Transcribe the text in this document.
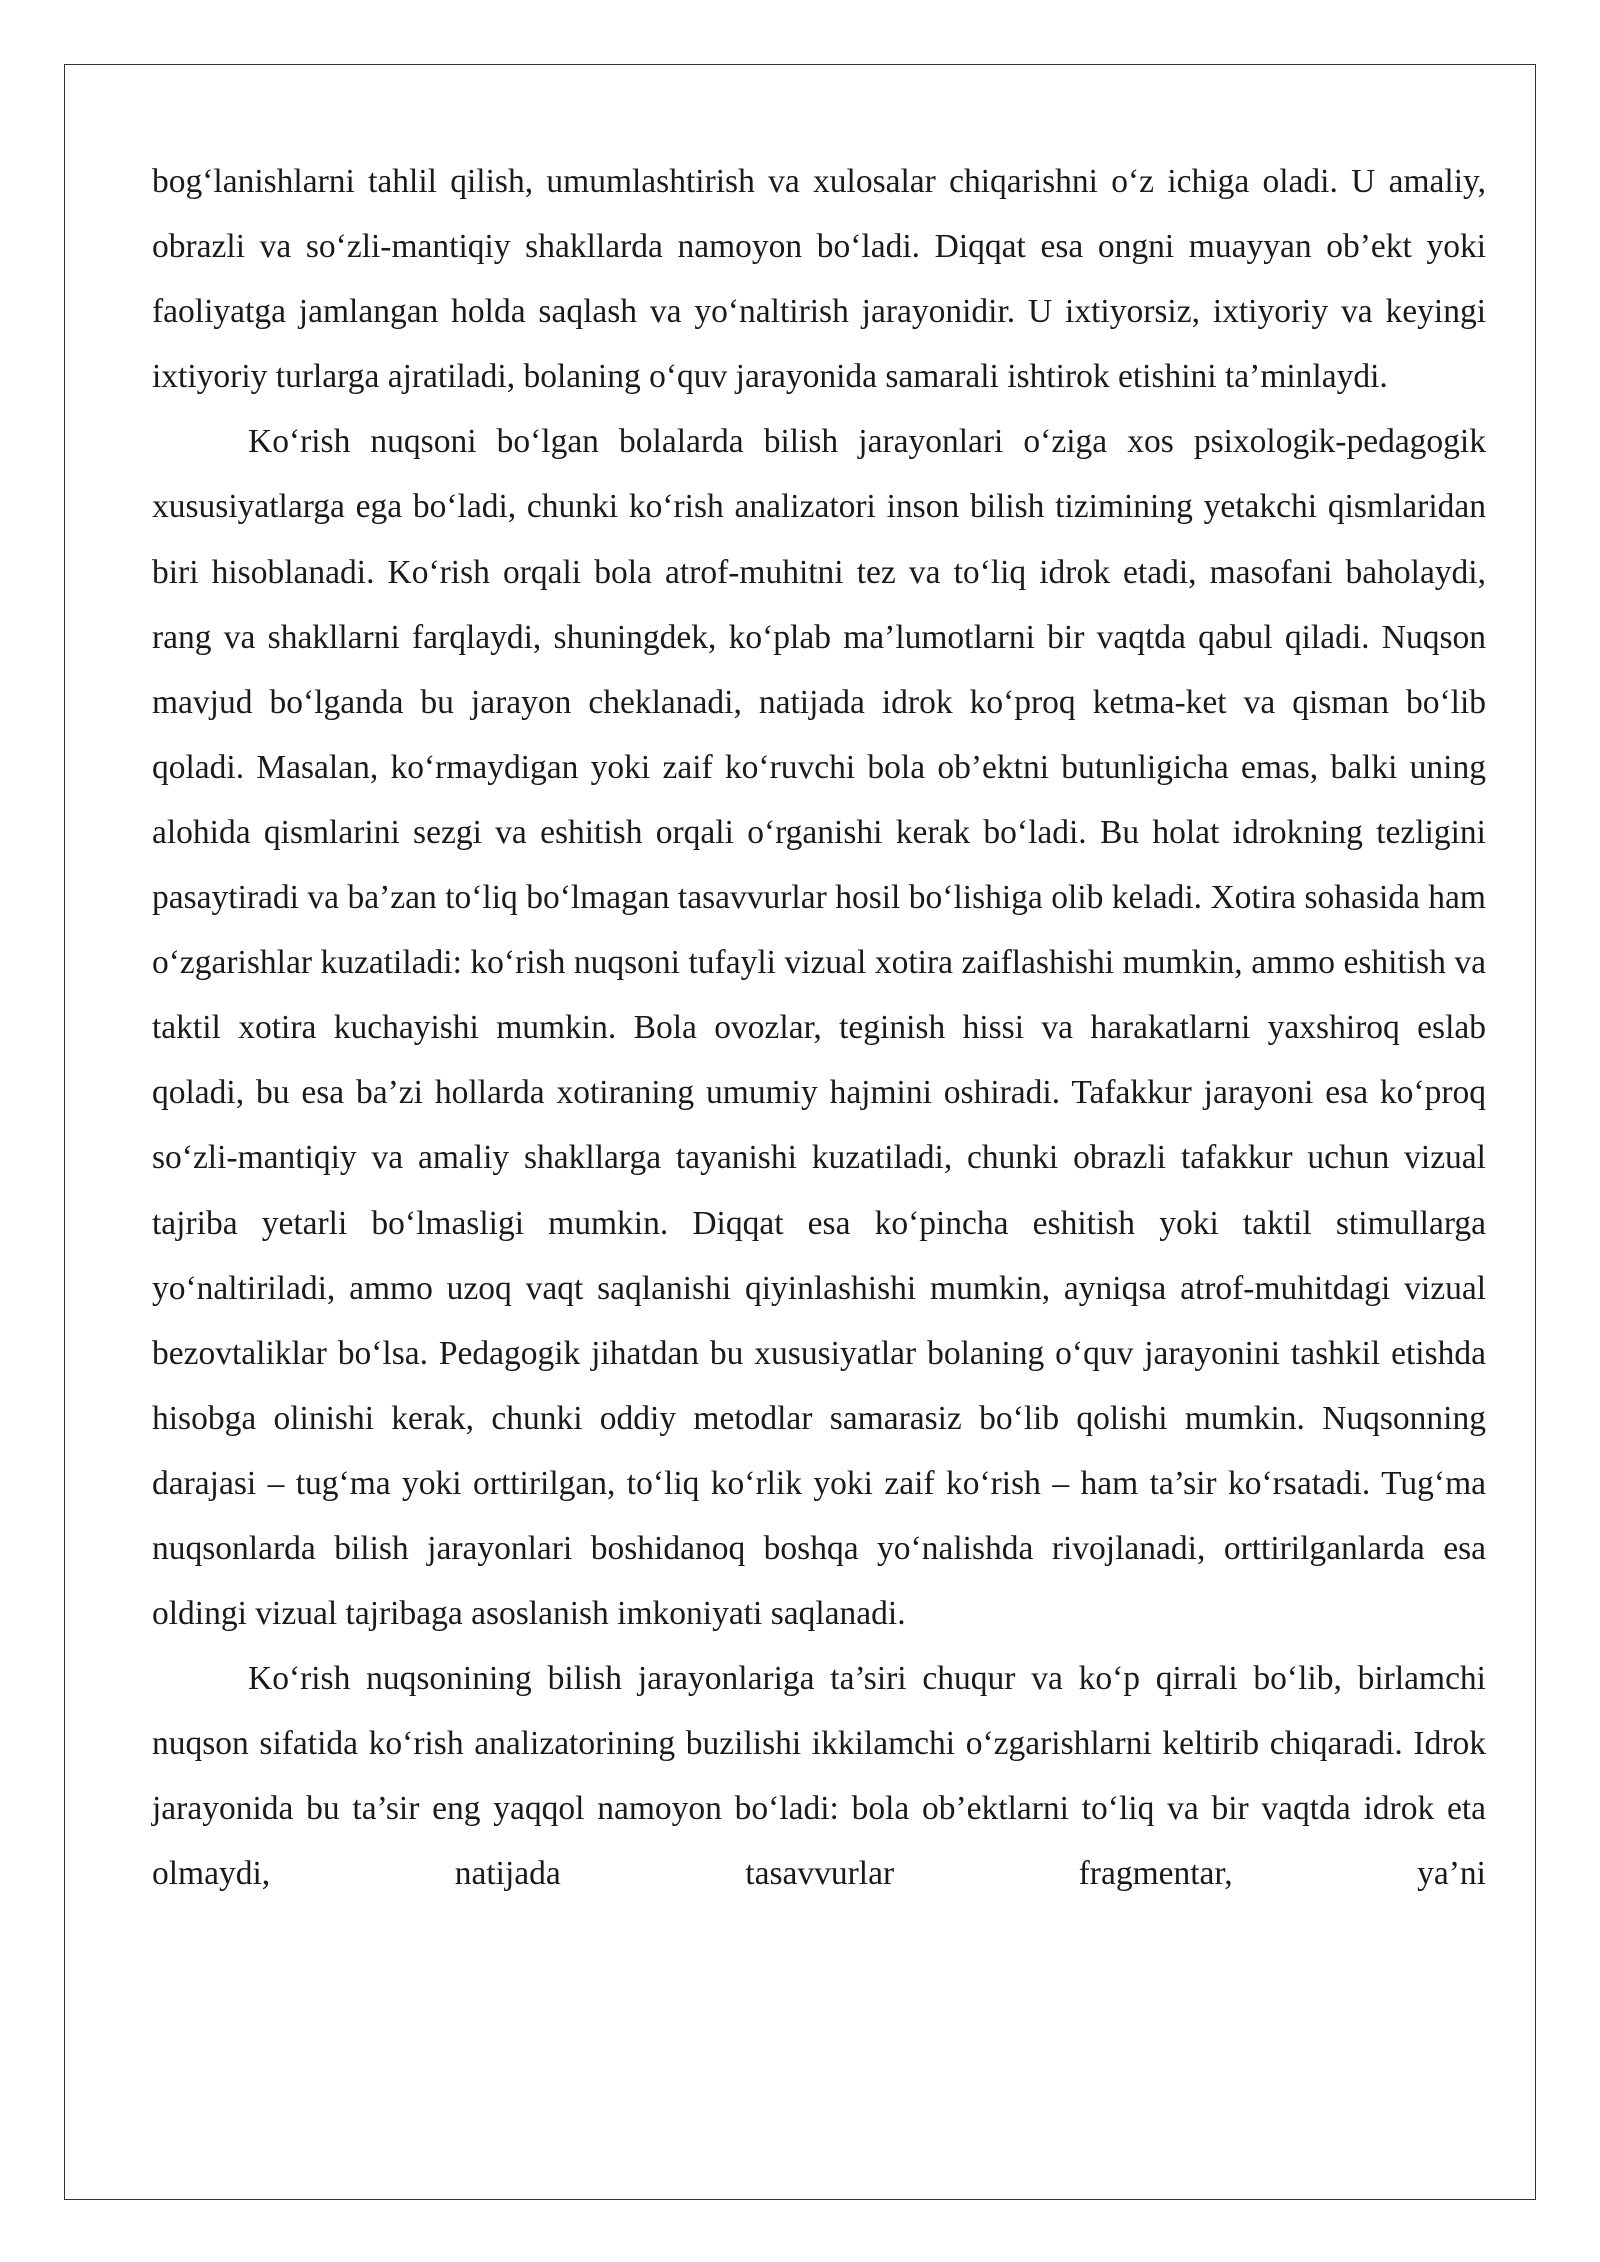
bog‘lanishlarni tahlil qilish, umumlashtirish va xulosalar chiqarishni o‘z ichiga oladi. U amaliy, obrazli va so‘zli-mantiqiy shakllarda namoyon bo‘ladi. Diqqat esa ongni muayyan ob’ekt yoki faoliyatga jamlangan holda saqlash va yo‘naltirish jarayonidir. U ixtiyorsiz, ixtiyoriy va keyingi ixtiyoriy turlarga ajratiladi, bolaning o‘quv jarayonida samarali ishtirok etishini ta’minlaydi.

Ko‘rish nuqsoni bo‘lgan bolalarda bilish jarayonlari o‘ziga xos psixologik-pedagogik xususiyatlarga ega bo‘ladi, chunki ko‘rish analizatori inson bilish tizimining yetakchi qismlaridan biri hisoblanadi. Ko‘rish orqali bola atrof-muhitni tez va to‘liq idrok etadi, masofani baholaydi, rang va shakllarni farqlaydi, shuningdek, ko‘plab ma’lumotlarni bir vaqtda qabul qiladi. Nuqson mavjud bo‘lganda bu jarayon cheklanadi, natijada idrok ko‘proq ketma-ket va qisman bo‘lib qoladi. Masalan, ko‘rmaydigan yoki zaif ko‘ruvchi bola ob’ektni butunligicha emas, balki uning alohida qismlarini sezgi va eshitish orqali o‘rganishi kerak bo‘ladi. Bu holat idrokning tezligini pasaytiradi va ba’zan to‘liq bo‘lmagan tasavvurlar hosil bo‘lishiga olib keladi. Xotira sohasida ham o‘zgarishlar kuzatiladi: ko‘rish nuqsoni tufayli vizual xotira zaiflashishi mumkin, ammo eshitish va taktil xotira kuchayishi mumkin. Bola ovozlar, teginish hissi va harakatlarni yaxshiroq eslab qoladi, bu esa ba’zi hollarda xotiraning umumiy hajmini oshiradi. Tafakkur jarayoni esa ko‘proq so‘zli-mantiqiy va amaliy shakllarga tayanishi kuzatiladi, chunki obrazli tafakkur uchun vizual tajriba yetarli bo‘lmasligi mumkin. Diqqat esa ko‘pincha eshitish yoki taktil stimullarga yo‘naltiriladi, ammo uzoq vaqt saqlanishi qiyinlashishi mumkin, ayniqsa atrof-muhitdagi vizual bezovtaliklar bo‘lsa. Pedagogik jihatdan bu xususiyatlar bolaning o‘quv jarayonini tashkil etishda hisobga olinishi kerak, chunki oddiy metodlar samarasiz bo‘lib qolishi mumkin. Nuqsonning darajasi – tug‘ma yoki orttirilgan, to‘liq ko‘rlik yoki zaif ko‘rish – ham ta’sir ko‘rsatadi. Tug‘ma nuqsonlarda bilish jarayonlari boshidanoq boshqa yo‘nalishda rivojlanadi, orttirilganlarda esa oldingi vizual tajribaga asoslanish imkoniyati saqlanadi.

Ko‘rish nuqsonining bilish jarayonlariga ta’siri chuqur va ko‘p qirrali bo‘lib, birlamchi nuqson sifatida ko‘rish analizatorining buzilishi ikkilamchi o‘zgarishlarni keltirib chiqaradi. Idrok jarayonida bu ta’sir eng yaqqol namoyon bo‘ladi: bola ob’ektlarni to‘liq va bir vaqtda idrok eta olmaydi, natijada tasavvurlar fragmentar, ya’ni
